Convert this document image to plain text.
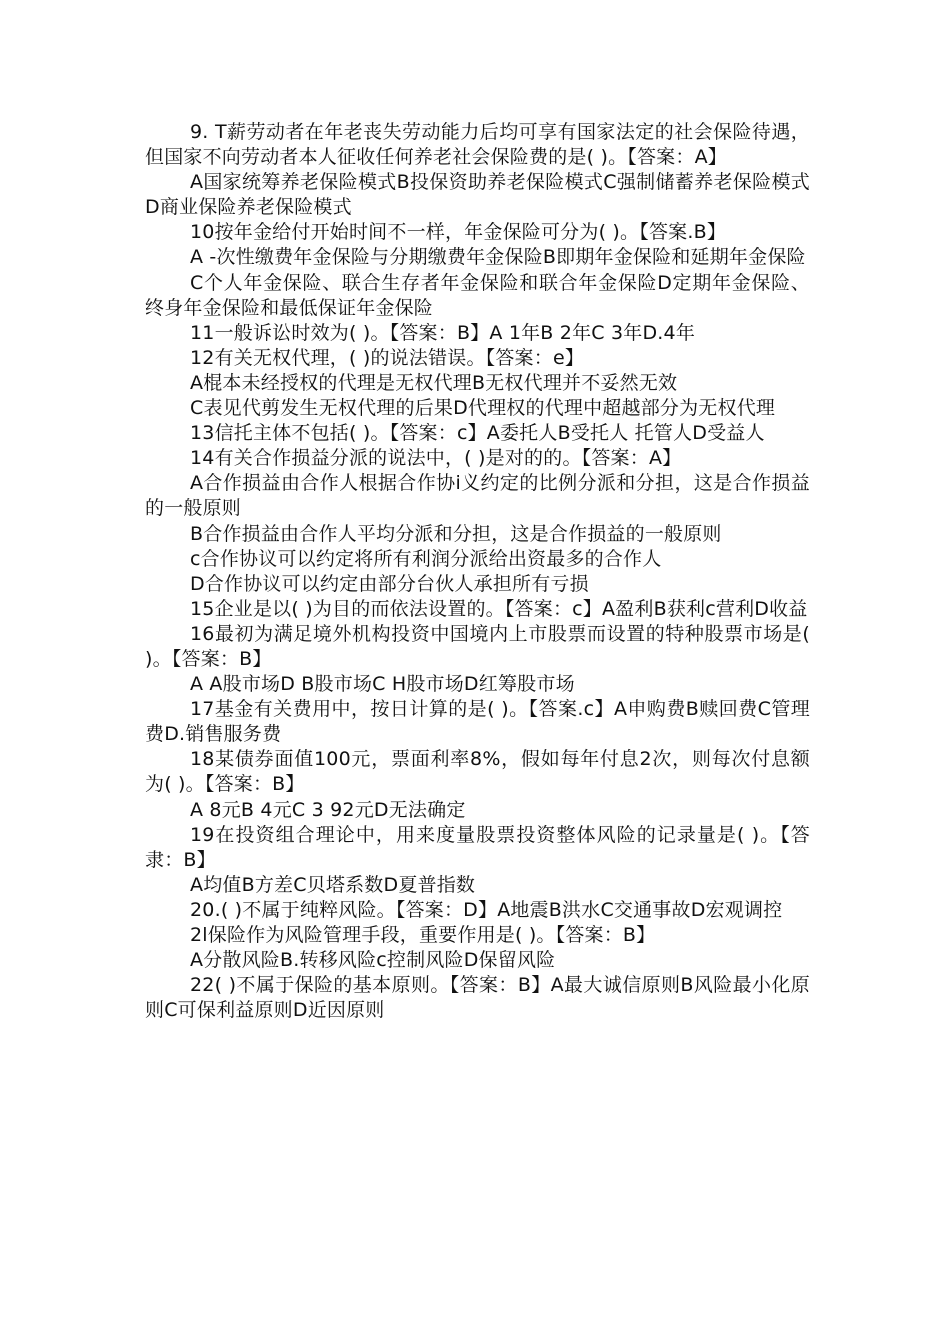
9. T薪劳动者在年老丧失劳动能力后均可享有国家法定的社会保险待遇，但国家不向劳动者本人征收任何养老社会保险费的是( )。【答案：A】

A国家统筹养老保险模式B投保资助养老保险模式C强制储蓄养老保险模式D商业保险养老保险模式

10按年金给付开始时间不一样，年金保险可分为( )。【答案.B】

A -次性缴费年金保险与分期缴费年金保险B即期年金保险和延期年金保险

C个人年金保险、联合生存者年金保险和联合年金保险D定期年金保险、终身年金保险和最低保证年金保险

11一般诉讼时效为( )。【答案：B】A 1年B 2年C 3年D.4年

12有关无权代理，( )的说法错误。【答案：e】

A棍本未经授权的代理是无权代理B无权代理并不妥然无效

C表见代剪发生无权代理的后果D代理权的代理中超越部分为无权代理

13信托主体不包括( )。【答案：c】A委托人B受托人 托管人D受益人

14有关合作损益分派的说法中，( )是对的的。【答案：A】

A合作损益由合作人根据合作协i义约定的比例分派和分担，这是合作损益的一般原则

B合作损益由合作人平均分派和分担，这是合作损益的一般原则

c合作协议可以约定将所有利润分派给出资最多的合作人

D合作协议可以约定由部分台伙人承担所有亏损

15企业是以( )为目的而依法设置的。【答案：c】A盈利B获利c营利D收益

16最初为满足境外机构投资中国境内上市股票而设置的特种股票市场是( )。【答案：B】

A A股市场D B股市场C H股市场D红筹股市场

17基金有关费用中，按日计算的是( )。【答案.c】A申购费B赎回费C管理费D.销售服务费

18某债券面值100元，票面利率8%，假如每年付息2次，则每次付息额为( )。【答案：B】

A 8元B 4元C 3 92元D无法确定

19在投资组合理论中，用来度量股票投资整体风险的记录量是( )。【答隶：B】

A均值B方差C贝塔系数D夏普指数

20.( )不属于纯粹风险。【答案：D】A地震B洪水C交通事故D宏观调控

2l保险作为风险管理手段，重要作用是( )。【答案：B】

A分散风险B.转移风险c控制风险D保留风险

22( )不属于保险的基本原则。【答案：B】A最大诚信原则B风险最小化原则C可保利益原则D近因原则
